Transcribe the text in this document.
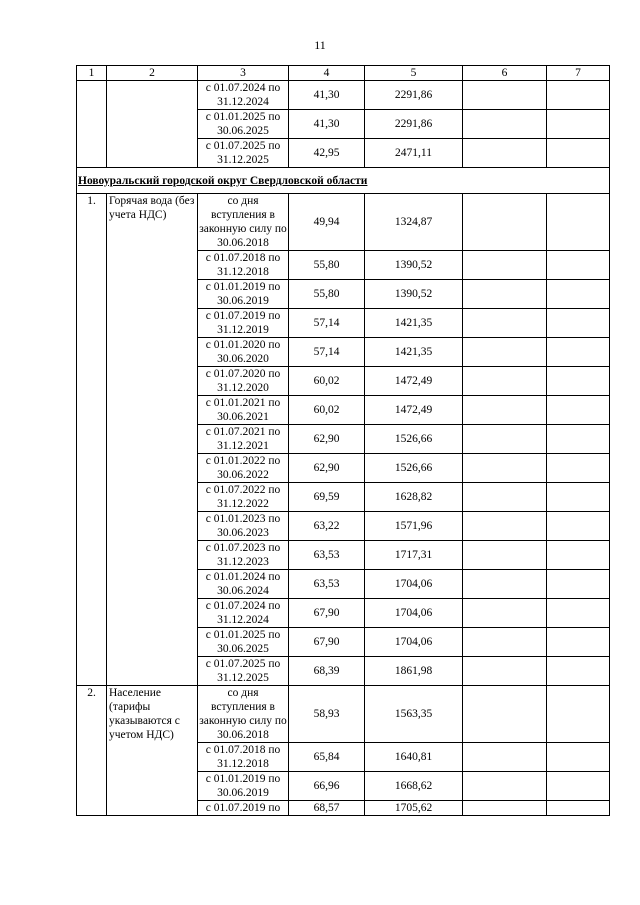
11
1	2	3	4	5	6	7
		с 01.07.2024 по 31.12.2024	41,30	2291,86		
		с 01.01.2025 по 30.06.2025	41,30	2291,86		
		с 01.07.2025 по 31.12.2025	42,95	2471,11		
Новоуральский городской округ Свердловской области						
1.	Горячая вода (без учета НДС)	со дня вступления в законную силу по 30.06.2018	49,94	1324,87		
		с 01.07.2018 по 31.12.2018	55,80	1390,52		
		с 01.01.2019 по 30.06.2019	55,80	1390,52		
		с 01.07.2019 по 31.12.2019	57,14	1421,35		
		с 01.01.2020 по 30.06.2020	57,14	1421,35		
		с 01.07.2020 по 31.12.2020	60,02	1472,49		
		с 01.01.2021 по 30.06.2021	60,02	1472,49		
		с 01.07.2021 по 31.12.2021	62,90	1526,66		
		с 01.01.2022 по 30.06.2022	62,90	1526,66		
		с 01.07.2022 по 31.12.2022	69,59	1628,82		
		с 01.01.2023 по 30.06.2023	63,22	1571,96		
		с 01.07.2023 по 31.12.2023	63,53	1717,31		
		с 01.01.2024 по 30.06.2024	63,53	1704,06		
		с 01.07.2024 по 31.12.2024	67,90	1704,06		
		с 01.01.2025 по 30.06.2025	67,90	1704,06		
		с 01.07.2025 по 31.12.2025	68,39	1861,98		
2.	Население (тарифы указываются с учетом НДС)	со дня вступления в законную силу по 30.06.2018	58,93	1563,35		
		с 01.07.2018 по 31.12.2018	65,84	1640,81		
		с 01.01.2019 по 30.06.2019	66,96	1668,62		
		с 01.07.2019 по	68,57	1705,62		
